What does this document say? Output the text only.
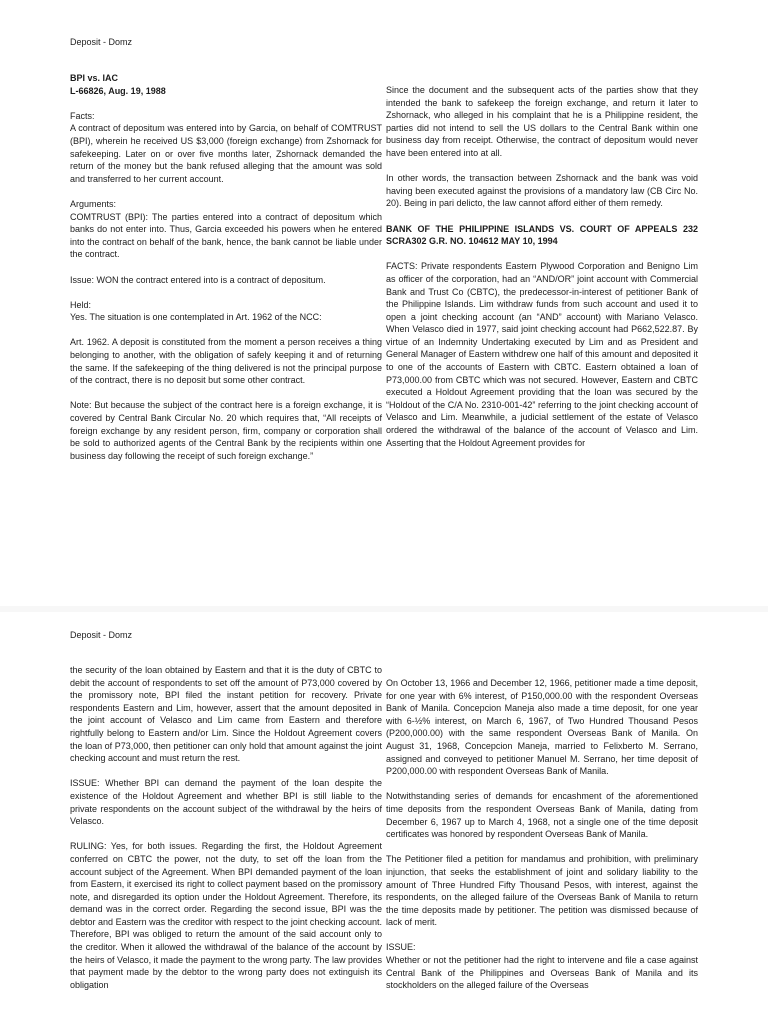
Deposit - Domz
BPI vs. IAC
L-66826, Aug. 19, 1988

Facts:

A contract of depositum was entered into by Garcia, on behalf of COMTRUST (BPI), wherein he received US $3,000 (foreign exchange) from Zshornack for safekeeping. Later on or over five months later, Zshornack demanded the return of the money but the bank refused alleging that the amount was sold and transferred to her current account.

Arguments:

COMTRUST (BPI): The parties entered into a contract of depositum which banks do not enter into. Thus, Garcia exceeded his powers when he entered into the contract on behalf of the bank, hence, the bank cannot be liable under the contract.

Issue: WON the contract entered into is a contract of depositum.

Held:

Yes. The situation is one contemplated in Art. 1962 of the NCC:

Art. 1962. A deposit is constituted from the moment a person receives a thing belonging to another, with the obligation of safely keeping it and of returning the same. If the safekeeping of the thing delivered is not the principal purpose of the contract, there is no deposit but some other contract.

Note: But because the subject of the contract here is a foreign exchange, it is covered by Central Bank Circular No. 20 which requires that, “All receipts of foreign exchange by any resident person, firm, company or corporation shall be sold to authorized agents of the Central Bank by the recipients within one business day following the receipt of such foreign exchange.”

Since the document and the subsequent acts of the parties show that they intended the bank to safekeep the foreign exchange, and return it later to Zshornack, who alleged in his complaint that he is a Philippine resident, the parties did not intend to sell the US dollars to the Central Bank within one business day from receipt. Otherwise, the contract of depositum would never have been entered into at all.

In other words, the transaction between Zshornack and the bank was void having been executed against the provisions of a mandatory law (CB Circ No. 20). Being in pari delicto, the law cannot afford either of them remedy.

BANK OF THE PHILIPPINE ISLANDS VS. COURT OF APPEALS 232 SCRA302 G.R. NO. 104612 MAY 10, 1994

FACTS: Private respondents Eastern Plywood Corporation and Benigno Lim as officer of the corporation, had an “AND/OR” joint account with Commercial Bank and Trust Co (CBTC), the predecessor-in-interest of petitioner Bank of the Philippine Islands. Lim withdraw funds from such account and used it to open a joint checking account (an “AND” account) with Mariano Velasco. When Velasco died in 1977, said joint checking account had P662,522.87. By virtue of an Indemnity Undertaking executed by Lim and as President and General Manager of Eastern withdrew one half of this amount and deposited it to one of the accounts of Eastern with CBTC. Eastern obtained a loan of P73,000.00 from CBTC which was not secured. However, Eastern and CBTC executed a Holdout Agreement providing that the loan was secured by the “Holdout of the C/A No. 2310-001-42” referring to the joint checking account of Velasco and Lim. Meanwhile, a judicial settlement of the estate of Velasco ordered the withdrawal of the balance of the account of Velasco and Lim. Asserting that the Holdout Agreement provides for

Deposit - Domz

the security of the loan obtained by Eastern and that it is the duty of CBTC to debit the account of respondents to set off the amount of P73,000 covered by the promissory note, BPI filed the instant petition for recovery. Private respondents Eastern and Lim, however, assert that the amount deposited in the joint account of Velasco and Lim came from Eastern and therefore rightfully belong to Eastern and/or Lim. Since the Holdout Agreement covers the loan of P73,000, then petitioner can only hold that amount against the joint checking account and must return the rest.

ISSUE: Whether BPI can demand the payment of the loan despite the existence of the Holdout Agreement and whether BPI is still liable to the private respondents on the account subject of the withdrawal by the heirs of Velasco.

RULING: Yes, for both issues. Regarding the first, the Holdout Agreement conferred on CBTC the power, not the duty, to set off the loan from the account subject of the Agreement. When BPI demanded payment of the loan from Eastern, it exercised its right to collect payment based on the promissory note, and disregarded its option under the Holdout Agreement. Therefore, its demand was in the correct order. Regarding the second issue, BPI was the debtor and Eastern was the creditor with respect to the joint checking account. Therefore, BPI was obliged to return the amount of the said account only to the creditor. When it allowed the withdrawal of the balance of the account by the heirs of Velasco, it made the payment to the wrong party. The law provides that payment made by the debtor to the wrong party does not extinguish its obligation

On October 13, 1966 and December 12, 1966, petitioner made a time deposit, for one year with 6% interest, of P150,000.00 with the respondent Overseas Bank of Manila. Concepcion Maneja also made a time deposit, for one year with 6-½% interest, on March 6, 1967, of Two Hundred Thousand Pesos (P200,000.00) with the same respondent Overseas Bank of Manila. On August 31, 1968, Concepcion Maneja, married to Felixberto M. Serrano, assigned and conveyed to petitioner Manuel M. Serrano, her time deposit of P200,000.00 with respondent Overseas Bank of Manila.

Notwithstanding series of demands for encashment of the aforementioned time deposits from the respondent Overseas Bank of Manila, dating from December 6, 1967 up to March 4, 1968, not a single one of the time deposit certificates was honored by respondent Overseas Bank of Manila.

The Petitioner filed a petition for mandamus and prohibition, with preliminary injunction, that seeks the establishment of joint and solidary liability to the amount of Three Hundred Fifty Thousand Pesos, with interest, against the respondents, on the alleged failure of the Overseas Bank of Manila to return the time deposits made by petitioner. The petition was dismissed because of lack of merit.

ISSUE:

Whether or not the petitioner had the right to intervene and file a case against Central Bank of the Philippines and Overseas Bank of Manila and its stockholders on the alleged failure of the Overseas
